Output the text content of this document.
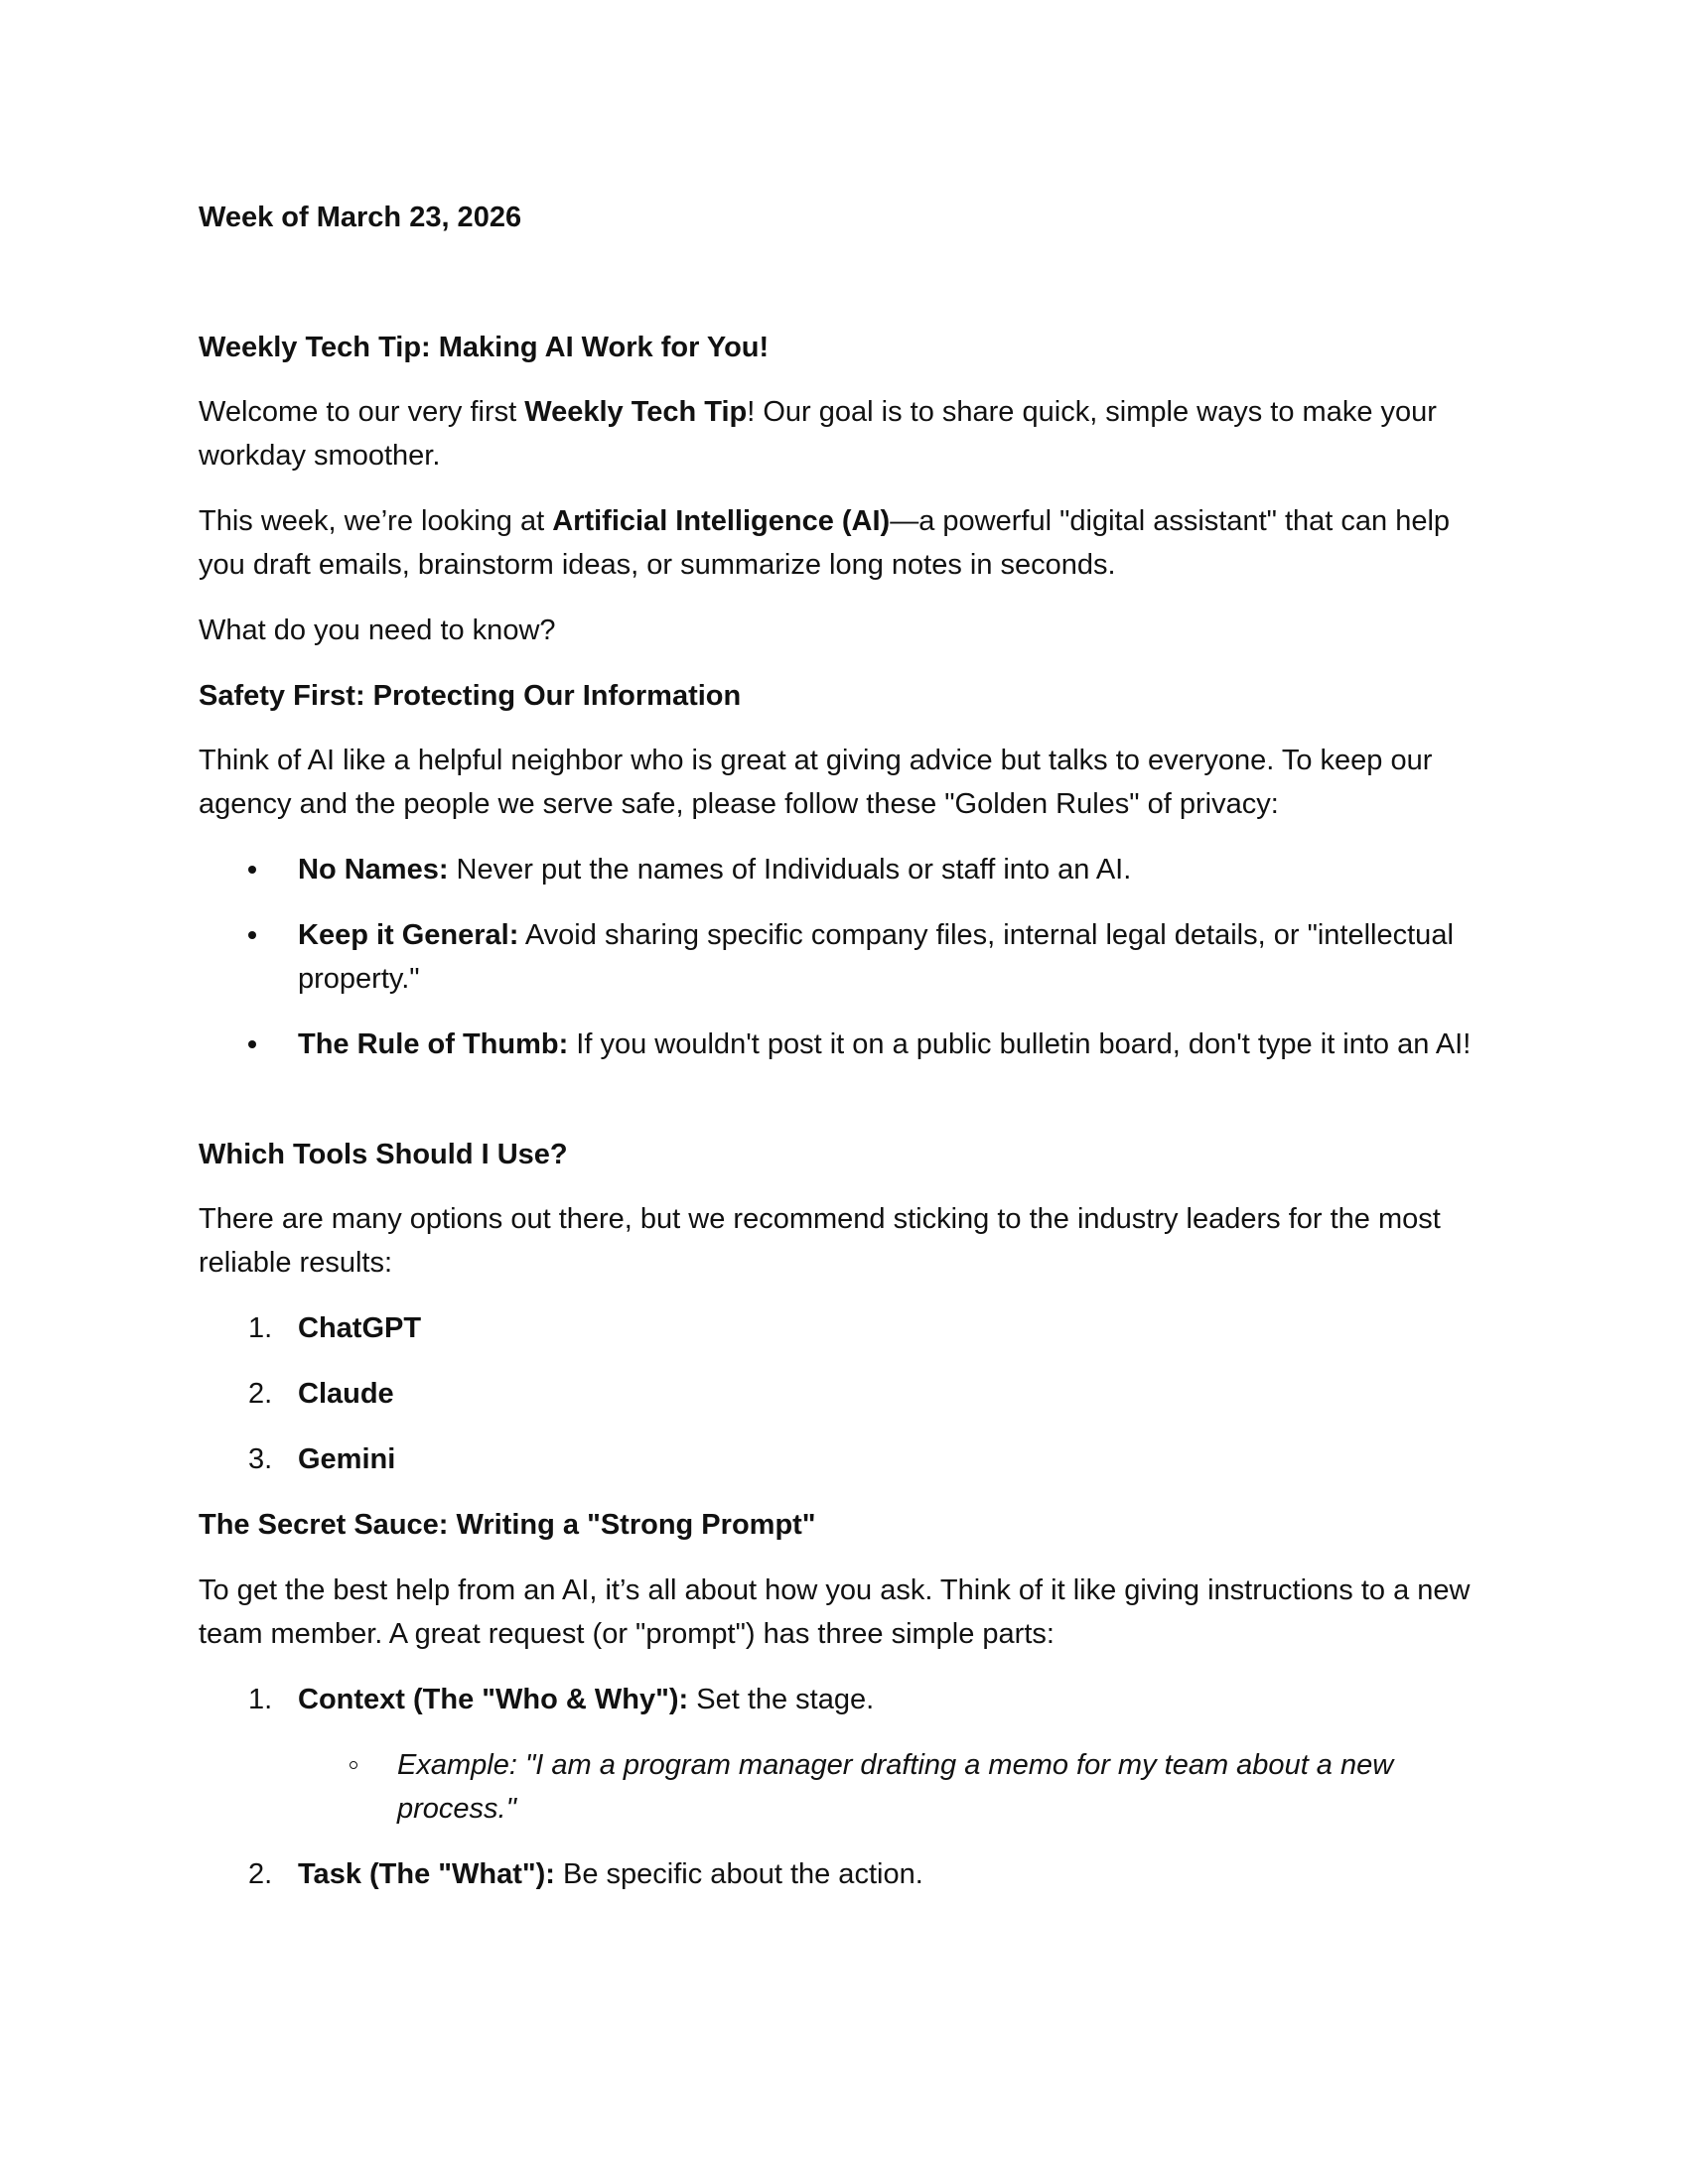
Week of March 23, 2026

Weekly Tech Tip: Making AI Work for You!

Welcome to our very first Weekly Tech Tip! Our goal is to share quick, simple ways to make your workday smoother.

This week, we’re looking at Artificial Intelligence (AI)—a powerful "digital assistant" that can help you draft emails, brainstorm ideas, or summarize long notes in seconds.

What do you need to know?

Safety First: Protecting Our Information

Think of AI like a helpful neighbor who is great at giving advice but talks to everyone. To keep our agency and the people we serve safe, please follow these "Golden Rules" of privacy:

No Names: Never put the names of Individuals or staff into an AI.
Keep it General: Avoid sharing specific company files, internal legal details, or "intellectual property."
The Rule of Thumb: If you wouldn't post it on a public bulletin board, don't type it into an AI!

Which Tools Should I Use?

There are many options out there, but we recommend sticking to the industry leaders for the most reliable results:

1. ChatGPT
2. Claude
3. Gemini

The Secret Sauce: Writing a "Strong Prompt"

To get the best help from an AI, it’s all about how you ask. Think of it like giving instructions to a new team member. A great request (or "prompt") has three simple parts:

1. Context (The "Who & Why"): Set the stage.
Example: "I am a program manager drafting a memo for my team about a new process."
2. Task (The "What"): Be specific about the action.
